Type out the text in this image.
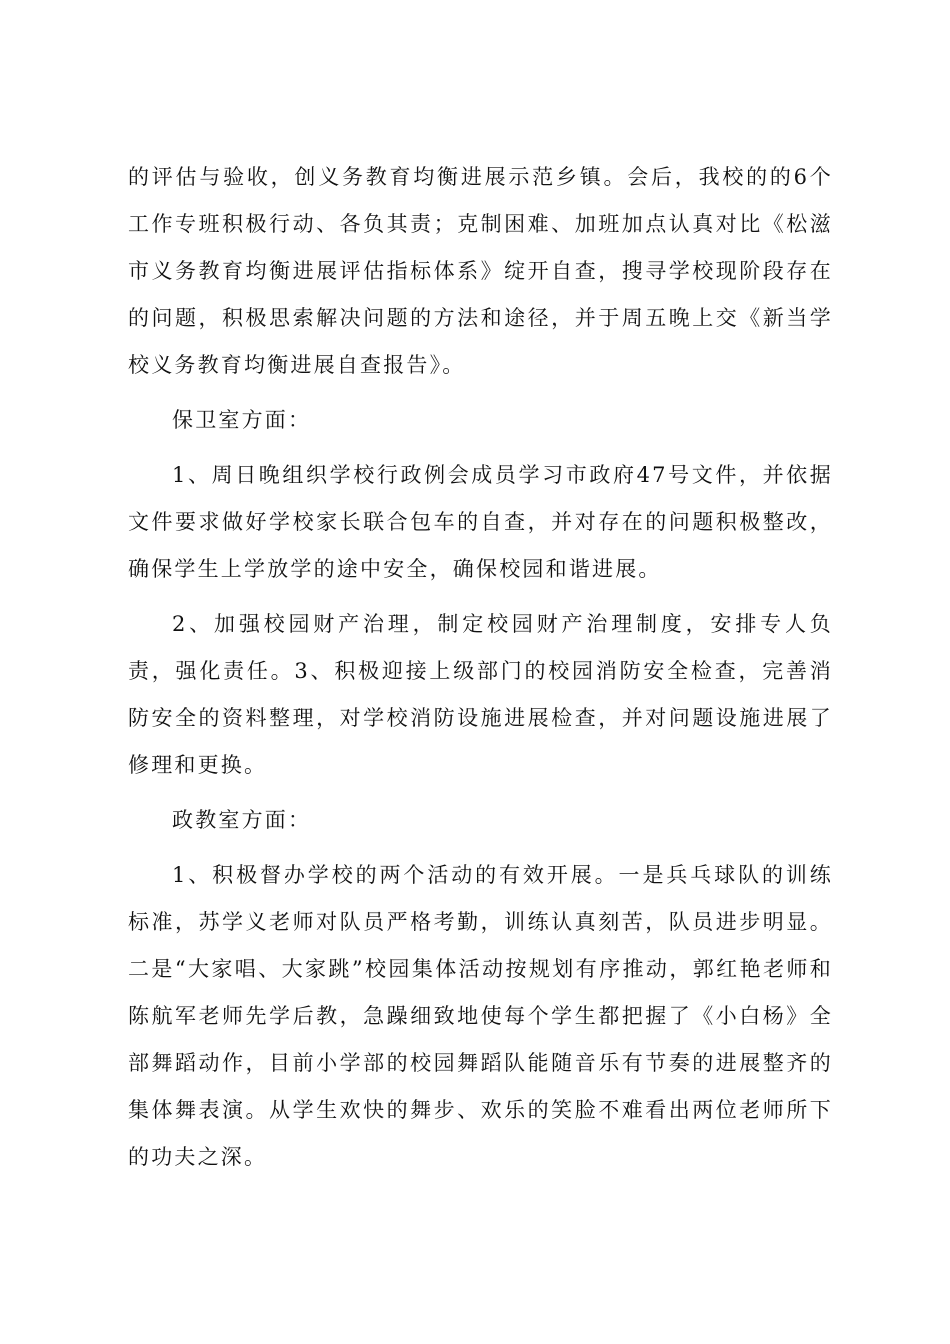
的评估与验收，创义务教育均衡进展示范乡镇。会后，我校的的6个工作专班积极行动、各负其责；克制困难、加班加点认真对比《松滋市义务教育均衡进展评估指标体系》绽开自查，搜寻学校现阶段存在的问题，积极思索解决问题的方法和途径，并于周五晚上交《新当学校义务教育均衡进展自查报告》。

保卫室方面：

1、周日晚组织学校行政例会成员学习市政府47号文件，并依据文件要求做好学校家长联合包车的自查，并对存在的问题积极整改，确保学生上学放学的途中安全，确保校园和谐进展。

2、加强校园财产治理，制定校园财产治理制度，安排专人负责，强化责任。3、积极迎接上级部门的校园消防安全检查，完善消防安全的资料整理，对学校消防设施进展检查，并对问题设施进展了修理和更换。

政教室方面：

1、积极督办学校的两个活动的有效开展。一是兵乓球队的训练标准，苏学义老师对队员严格考勤，训练认真刻苦，队员进步明显。二是“大家唱、大家跳”校园集体活动按规划有序推动，郭红艳老师和陈航军老师先学后教，急躁细致地使每个学生都把握了《小白杨》全部舞蹈动作，目前小学部的校园舞蹈队能随音乐有节奏的进展整齐的集体舞表演。从学生欢快的舞步、欢乐的笑脸不难看出两位老师所下的功夫之深。
